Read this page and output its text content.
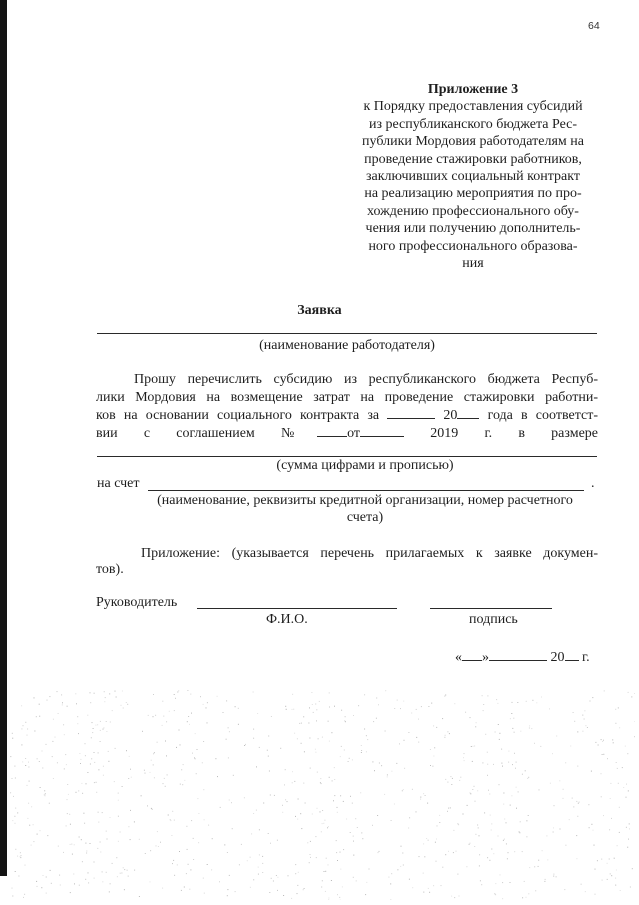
64
Приложение 3
к Порядку предоставления субсидий
из республиканского бюджета Рес-
публики Мордовия работодателям на
проведение стажировки работников,
заключивших социальный контракт
на реализацию мероприятия по про-
хождению профессионального обу-
чения или получению дополнитель-
ного профессионального образова-
ния
Заявка
(наименование работодателя)
Прошу перечислить субсидию из республиканского бюджета Респуб-
лики Мордовия на возмещение затрат на проведение стажировки работни-
ков на основании социального контракта за	20 года в соответст-
вии с соглашением № от	2019 г. в размере
(сумма цифрами и прописью)
на счет	.
(наименование, реквизиты кредитной организации, номер расчетного
счета)
Приложение: (указывается перечень прилагаемых к заявке докумен-
тов).
Руководитель
Ф.И.О.	подпись
« »	20 г.
